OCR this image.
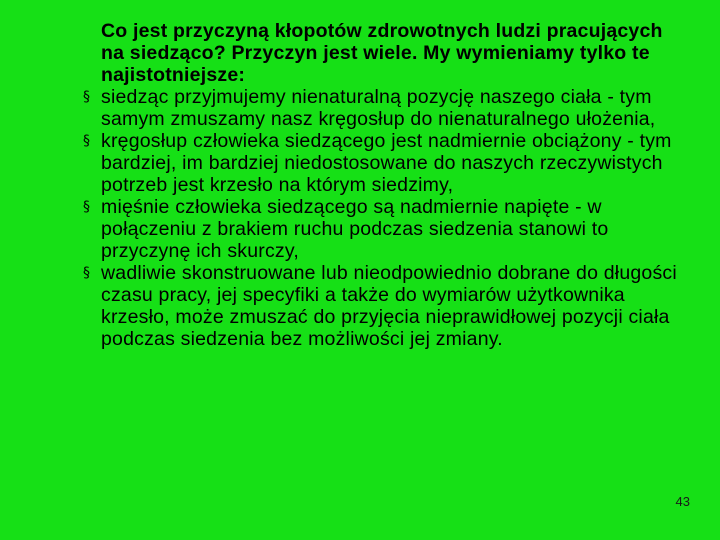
Co jest przyczyną kłopotów zdrowotnych ludzi pracujących na siedząco? Przyczyn jest wiele. My wymieniamy tylko te najistotniejsze:

§ siedząc przyjmujemy nienaturalną pozycję naszego ciała - tym samym zmuszamy nasz kręgosłup do nienaturalnego ułożenia,
§ kręgosłup człowieka siedzącego jest nadmiernie obciążony - tym bardziej, im bardziej niedostosowane do naszych rzeczywistych potrzeb jest krzesło na którym siedzimy,
§ mięśnie człowieka siedzącego są nadmiernie napięte - w połączeniu z brakiem ruchu podczas siedzenia stanowi to przyczynę ich skurczy,
§ wadliwie skonstruowane lub nieodpowiednio dobrane do długości czasu pracy, jej specyfiki a także do wymiarów użytkownika krzesło, może zmuszać do przyjęcia nieprawidłowej pozycji ciała podczas siedzenia bez możliwości jej zmiany.
43
